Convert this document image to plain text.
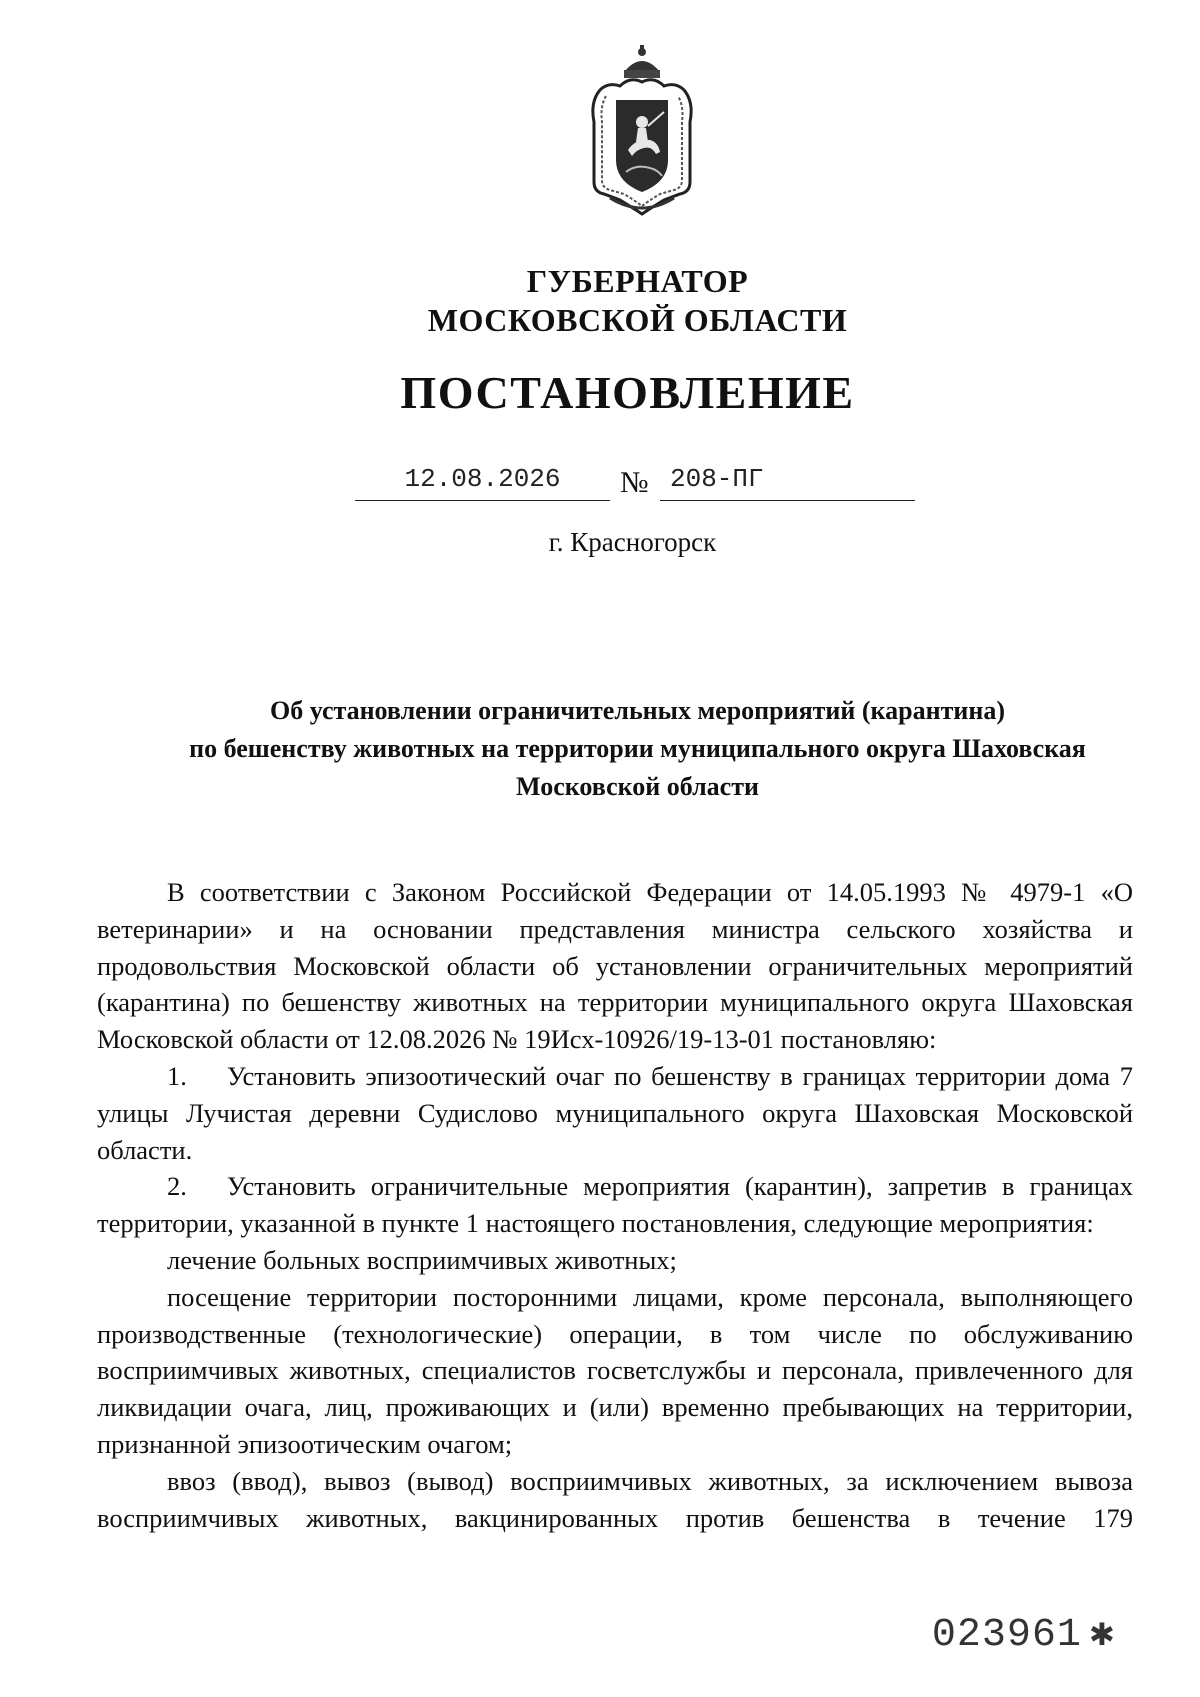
ГУБЕРНАТОР
МОСКОВСКОЙ ОБЛАСТИ
ПОСТАНОВЛЕНИЕ
12.08.2026	№ 208-ПГ
г. Красногорск
Об установлении ограничительных мероприятий (карантина)
по бешенству животных на территории муниципального округа Шаховская
Московской области

В соответствии с Законом Российской Федерации от 14.05.1993 № 4979-1 «О ветеринарии» и на основании представления министра сельского хозяйства и продовольствия Московской области об установлении ограничительных мероприятий (карантина) по бешенству животных на территории муниципального округа Шаховская Московской области от 12.08.2026 № 19Исх-10926/19-13-01 постановляю:

1. Установить эпизоотический очаг по бешенству в границах территории дома 7 улицы Лучистая деревни Судислово муниципального округа Шаховская Московской области.

2. Установить ограничительные мероприятия (карантин), запретив в границах территории, указанной в пункте 1 настоящего постановления, следующие мероприятия:

лечение больных восприимчивых животных;

посещение территории посторонними лицами, кроме персонала, выполняющего производственные (технологические) операции, в том числе по обслуживанию восприимчивых животных, специалистов госветслужбы и персонала, привлеченного для ликвидации очага, лиц, проживающих и (или) временно пребывающих на территории, признанной эпизоотическим очагом;

ввоз (ввод), вывоз (вывод) восприимчивых животных, за исключением вывоза восприимчивых животных, вакцинированных против бешенства в течение 179

023961 ✱
